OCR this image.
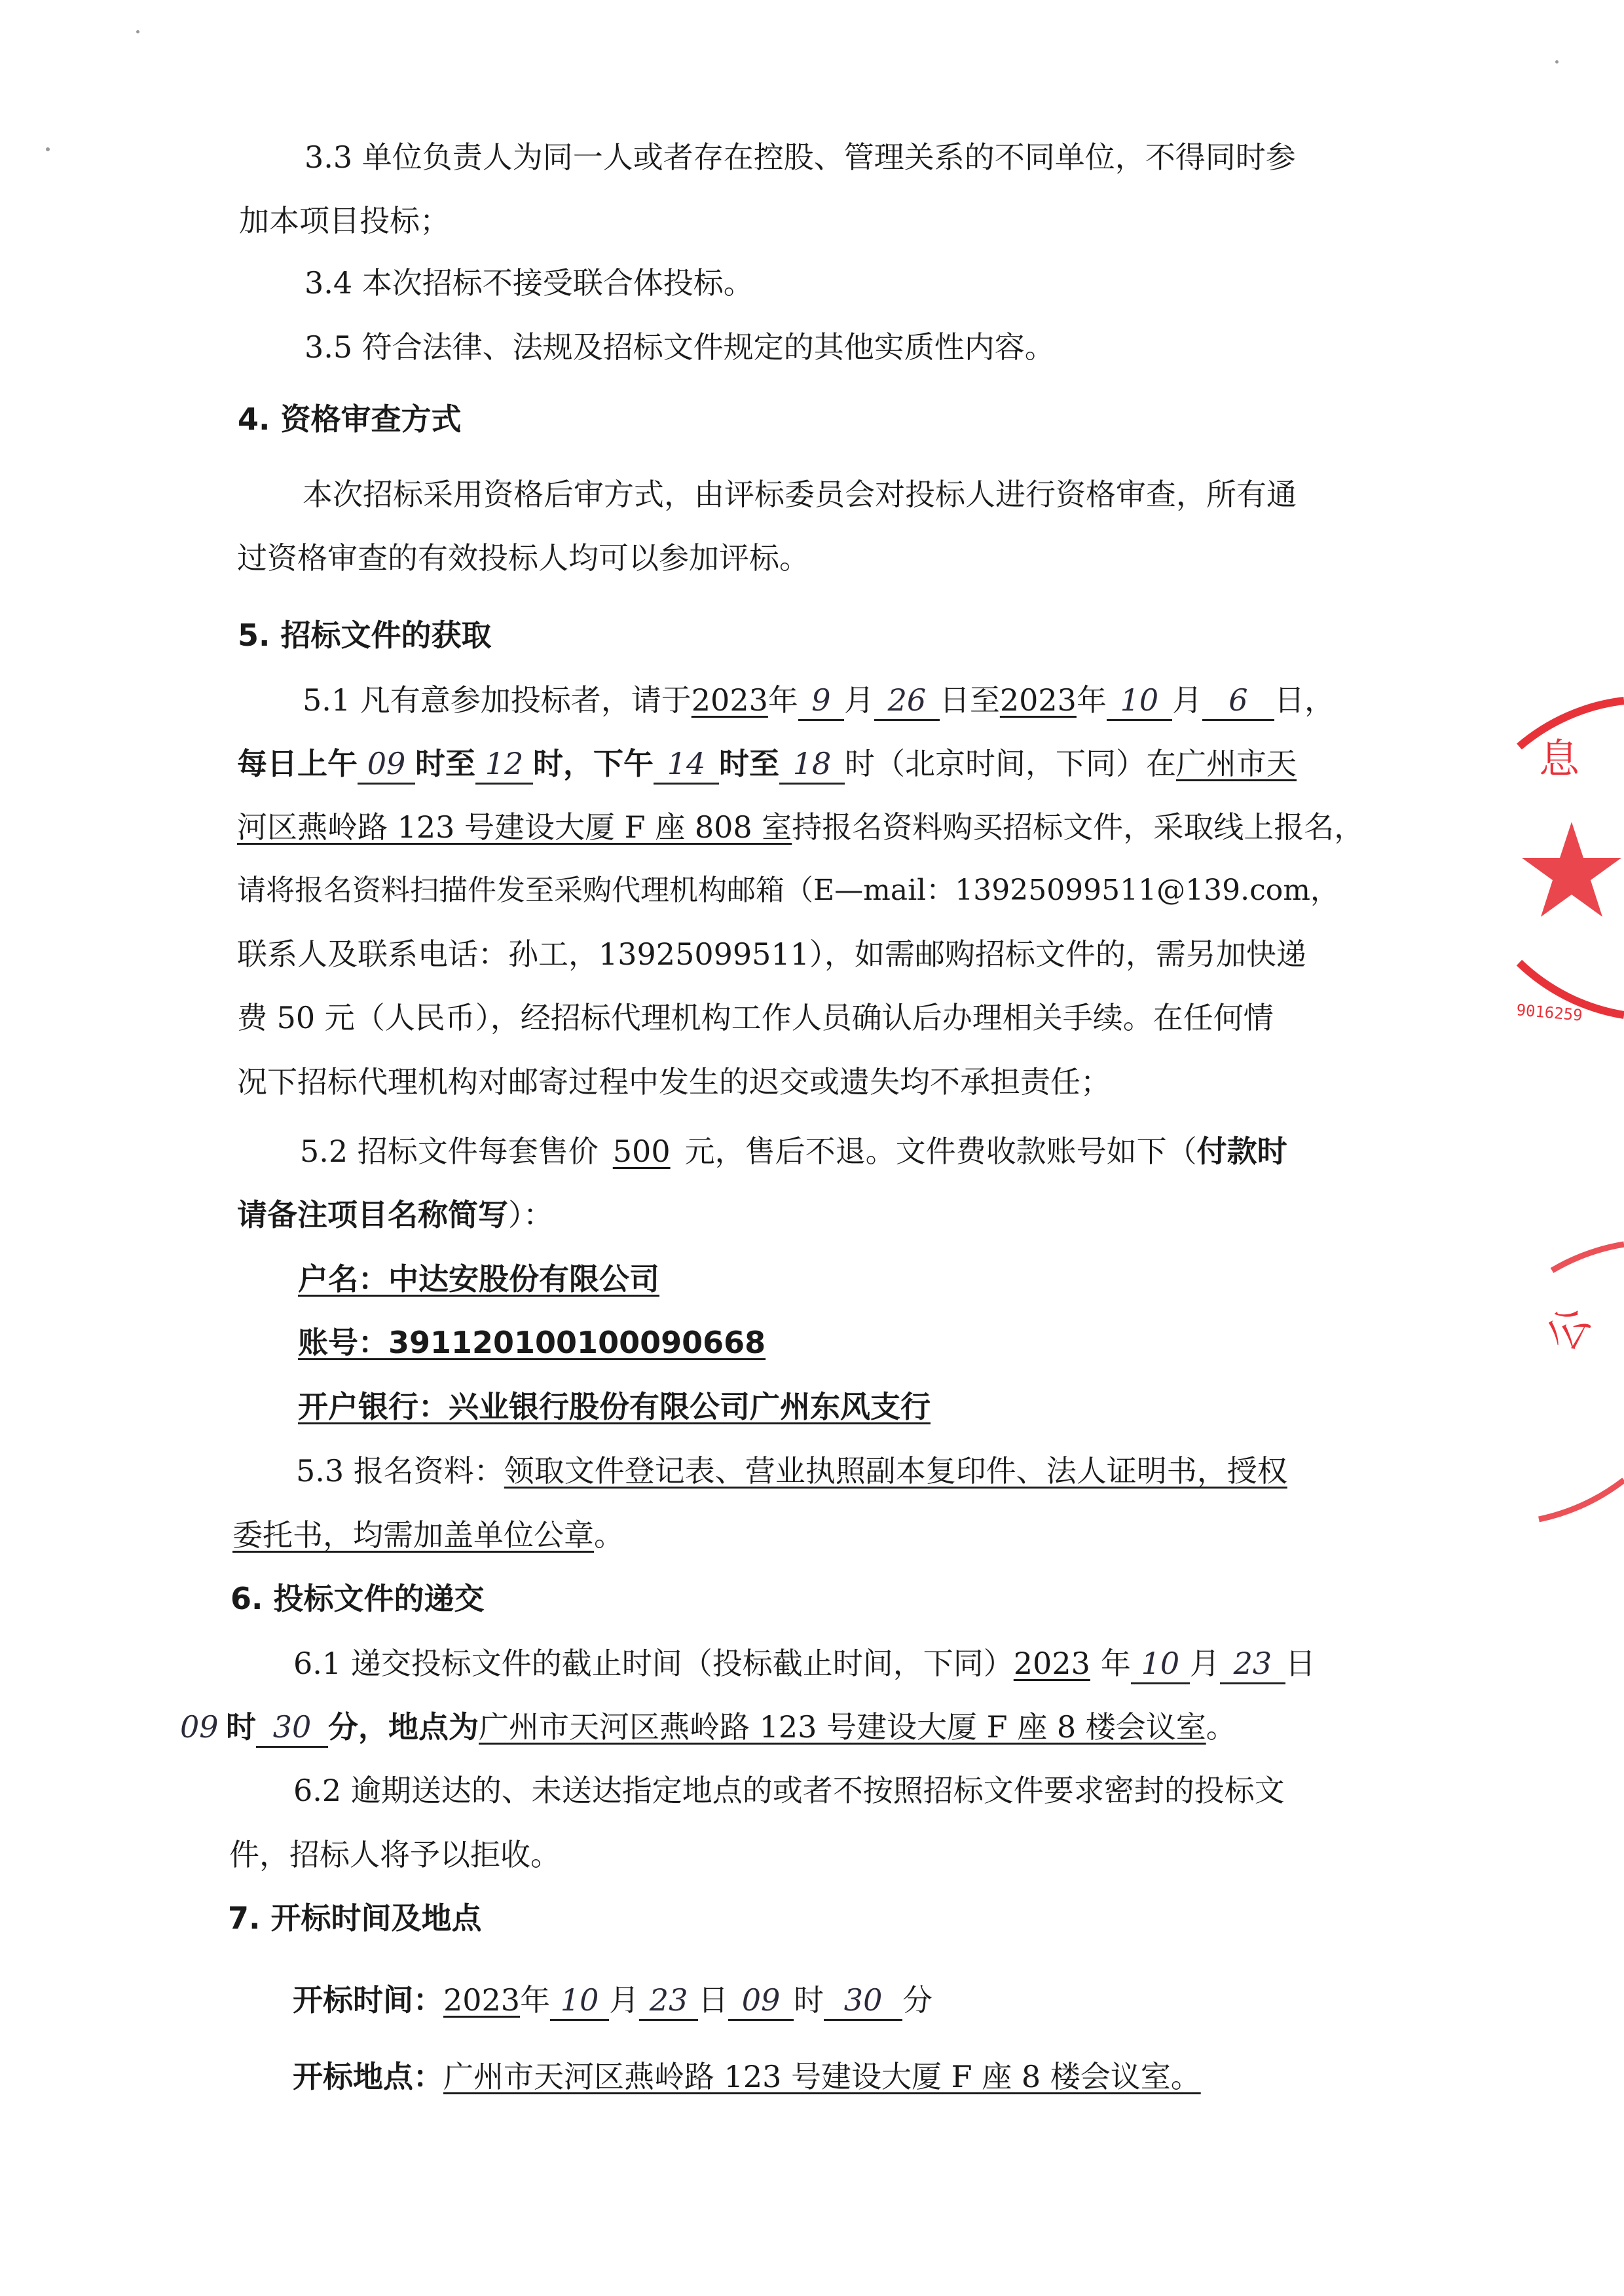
3.3 单位负责人为同一人或者存在控股、管理关系的不同单位，不得同时参
加本项目投标；
3.4 本次招标不接受联合体投标。
3.5 符合法律、法规及招标文件规定的其他实质性内容。
4. 资格审查方式
本次招标采用资格后审方式，由评标委员会对投标人进行资格审查，所有通
过资格审查的有效投标人均可以参加评标。
5. 招标文件的获取
5.1 凡有意参加投标者，请于2023年 9 月 26 日至2023年 10 月 6 日，
每日上午 09 时至 12 时，下午 14 时至 18 时（北京时间，下同）在广州市天
河区燕岭路 123 号建设大厦 F 座 808 室持报名资料购买招标文件，采取线上报名，
请将报名资料扫描件发至采购代理机构邮箱（E—mail：13925099511@139.com，
联系人及联系电话：孙工，13925099511），如需邮购招标文件的，需另加快递
费 50 元（人民币），经招标代理机构工作人员确认后办理相关手续。在任何情
况下招标代理机构对邮寄过程中发生的迟交或遗失均不承担责任；
5.2 招标文件每套售价 500 元，售后不退。文件费收款账号如下（付款时
请备注项目名称简写）：
户名：中达安股份有限公司
账号：391120100100090668
开户银行：兴业银行股份有限公司广州东风支行
5.3 报名资料：领取文件登记表、营业执照副本复印件、法人证明书，授权
委托书，均需加盖单位公章。
6. 投标文件的递交
6.1 递交投标文件的截止时间（投标截止时间，下同）2023 年 10 月 23 日
09 时 30 分，地点为广州市天河区燕岭路 123 号建设大厦 F 座 8 楼会议室。
6.2 逾期送达的、未送达指定地点的或者不按照招标文件要求密封的投标文
件，招标人将予以拒收。
7. 开标时间及地点
开标时间：2023年 10 月 23 日 09 时 30 分
开标地点：广州市天河区燕岭路 123 号建设大厦 F 座 8 楼会议室。
息
9016259
公
